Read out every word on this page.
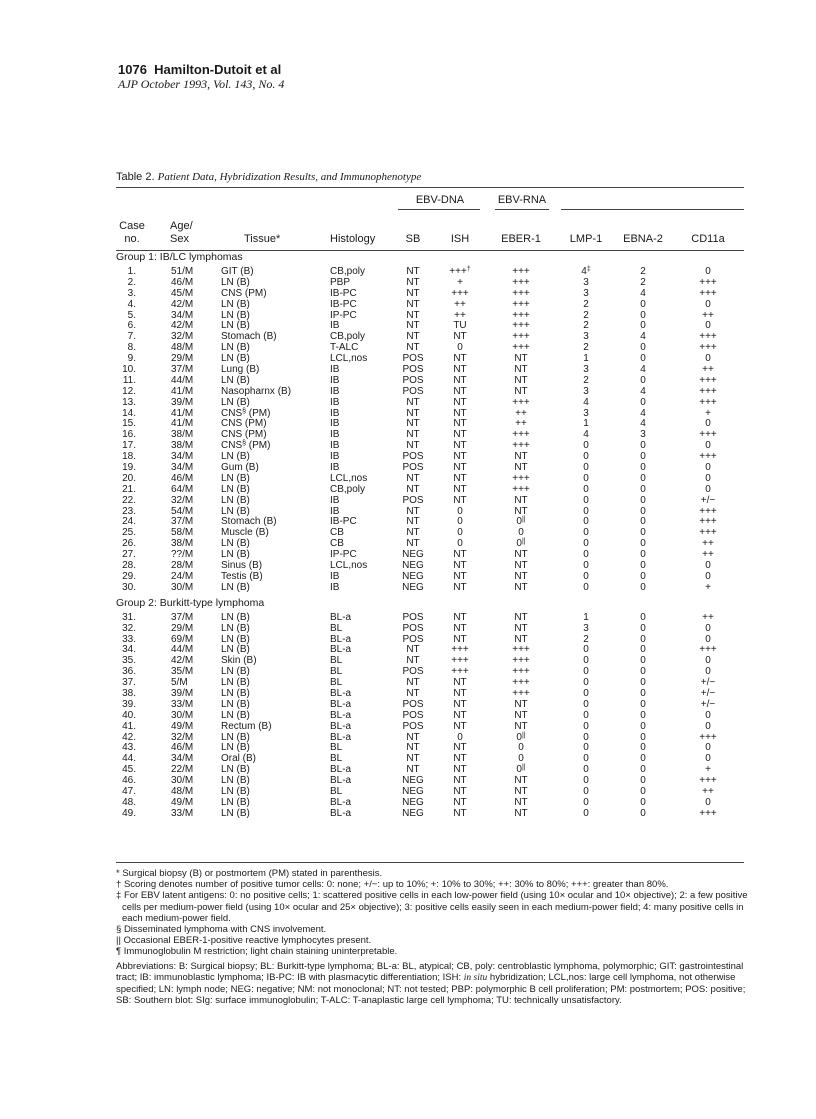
1076 Hamilton-Dutoit et al
AJP October 1993, Vol. 143, No. 4
Table 2. Patient Data, Hybridization Results, and Immunophenotype
EBV-DNA	EBV-RNA
Case
no.
Age/
Sex	Tissue*	Histology	SB	ISH	EBER-1	LMP-1	EBNA-2	CD11a
Group 1: IB/LC lymphomas
1.	51/M	GIT (B)	CB,poly	NT	+++†	+++	4‡	2	0
2.	46/M	LN (B)	PBP	NT	+	+++	3	2	+++
3.	45/M	CNS (PM)	IB-PC	NT	+++	+++	3	4	+++
4.	42/M	LN (B)	IB-PC	NT	++	+++	2	0	0
5.	34/M	LN (B)	IP-PC	NT	++	+++	2	0	++
6.	42/M	LN (B)	IB	NT	TU	+++	2	0	0
7.	32/M	Stomach (B)	CB,poly	NT	NT	+++	3	4	+++
8.	48/M	LN (B)	T-ALC	NT	0	+++	2	0	+++
9.	29/M	LN (B)	LCL,nos	POS	NT	NT	1	0	0
10.	37/M	Lung (B)	IB	POS	NT	NT	3	4	++
11.	44/M	LN (B)	IB	POS	NT	NT	2	0	+++
12.	41/M	Nasopharnx (B)	IB	POS	NT	NT	3	4	+++
13.	39/M	LN (B)	IB	NT	NT	+++	4	0	+++
14.	41/M	CNS§ (PM)	IB	NT	NT	++	3	4	+
15.	41/M	CNS (PM)	IB	NT	NT	++	1	4	0
16.	38/M	CNS (PM)	IB	NT	NT	+++	4	3	+++
17.	38/M	CNS§ (PM)	IB	NT	NT	+++	0	0	0
18.	34/M	LN (B)	IB	POS	NT	NT	0	0	+++
19.	34/M	Gum (B)	IB	POS	NT	NT	0	0	0
20.	46/M	LN (B)	LCL,nos	NT	NT	+++	0	0	0
21.	64/M	LN (B)	CB,poly	NT	NT	+++	0	0	0
22.	32/M	LN (B)	IB	POS	NT	NT	0	0	+/−
23.	54/M	LN (B)	IB	NT	0	NT	0	0	+++
24.	37/M	Stomach (B)	IB-PC	NT	0	0||	0	0	+++
25.	58/M	Muscle (B)	CB	NT	0	0	0	0	+++
26.	38/M	LN (B)	CB	NT	0	0||	0	0	++
27.	??/M	LN (B)	IP-PC	NEG	NT	NT	0	0	++
28.	28/M	Sinus (B)	LCL,nos	NEG	NT	NT	0	0	0
29.	24/M	Testis (B)	IB	NEG	NT	NT	0	0	0
30.	30/M	LN (B)	IB	NEG	NT	NT	0	0	+
Group 2: Burkitt-type lymphoma
31.	37/M	LN (B)	BL-a	POS	NT	NT	1	0	++
32.	29/M	LN (B)	BL	POS	NT	NT	3	0	0
33.	69/M	LN (B)	BL-a	POS	NT	NT	2	0	0
34.	44/M	LN (B)	BL-a	NT	+++	+++	0	0	+++
35.	42/M	Skin (B)	BL	NT	+++	+++	0	0	0
36.	35/M	LN (B)	BL	POS	+++	+++	0	0	0
37.	5/M	LN (B)	BL	NT	NT	+++	0	0	+/−
38.	39/M	LN (B)	BL-a	NT	NT	+++	0	0	+/−
39.	33/M	LN (B)	BL-a	POS	NT	NT	0	0	+/−
40.	30/M	LN (B)	BL-a	POS	NT	NT	0	0	0
41.	49/M	Rectum (B)	BL-a	POS	NT	NT	0	0	0
42.	32/M	LN (B)	BL-a	NT	0	0||	0	0	+++
43.	46/M	LN (B)	BL	NT	NT	0	0	0	0
44.	34/M	Oral (B)	BL	NT	NT	0	0	0	0
45.	22/M	LN (B)	BL-a	NT	NT	0||	0	0	+
46.	30/M	LN (B)	BL-a	NEG	NT	NT	0	0	+++
47.	48/M	LN (B)	BL	NEG	NT	NT	0	0	++
48.	49/M	LN (B)	BL-a	NEG	NT	NT	0	0	0
49.	33/M	LN (B)	BL-a	NEG	NT	NT	0	0	+++

* Surgical biopsy (B) or postmortem (PM) stated in parenthesis.

† Scoring denotes number of positive tumor cells: 0: none; +/−: up to 10%; +: 10% to 30%; ++: 30% to 80%; +++: greater than 80%.

‡ For EBV latent antigens: 0: no positive cells; 1: scattered positive cells in each low-power field (using 10× ocular and 10× objective); 2: a few positive cells per medium-power field (using 10× ocular and 25× objective); 3: positive cells easily seen in each medium-power field; 4: many positive cells in each medium-power field.

§ Disseminated lymphoma with CNS involvement.

|| Occasional EBER-1-positive reactive lymphocytes present.

¶ Immunoglobulin M restriction; light chain staining uninterpretable.

Abbreviations: B: Surgical biopsy; BL: Burkitt-type lymphoma; BL-a: BL, atypical; CB, poly: centroblastic lymphoma, polymorphic; GIT: gastrointestinal tract; IB: immunoblastic lymphoma; IB-PC: IB with plasmacytic differentiation; ISH: in situ hybridization; LCL,nos: large cell lymphoma, not otherwise specified; LN: lymph node; NEG: negative; NM: not monoclonal; NT: not tested; PBP: polymorphic B cell proliferation; PM: postmortem; POS: positive; SB: Southern blot: SIg: surface immunoglobulin; T-ALC: T-anaplastic large cell lymphoma; TU: technically unsatisfactory.
